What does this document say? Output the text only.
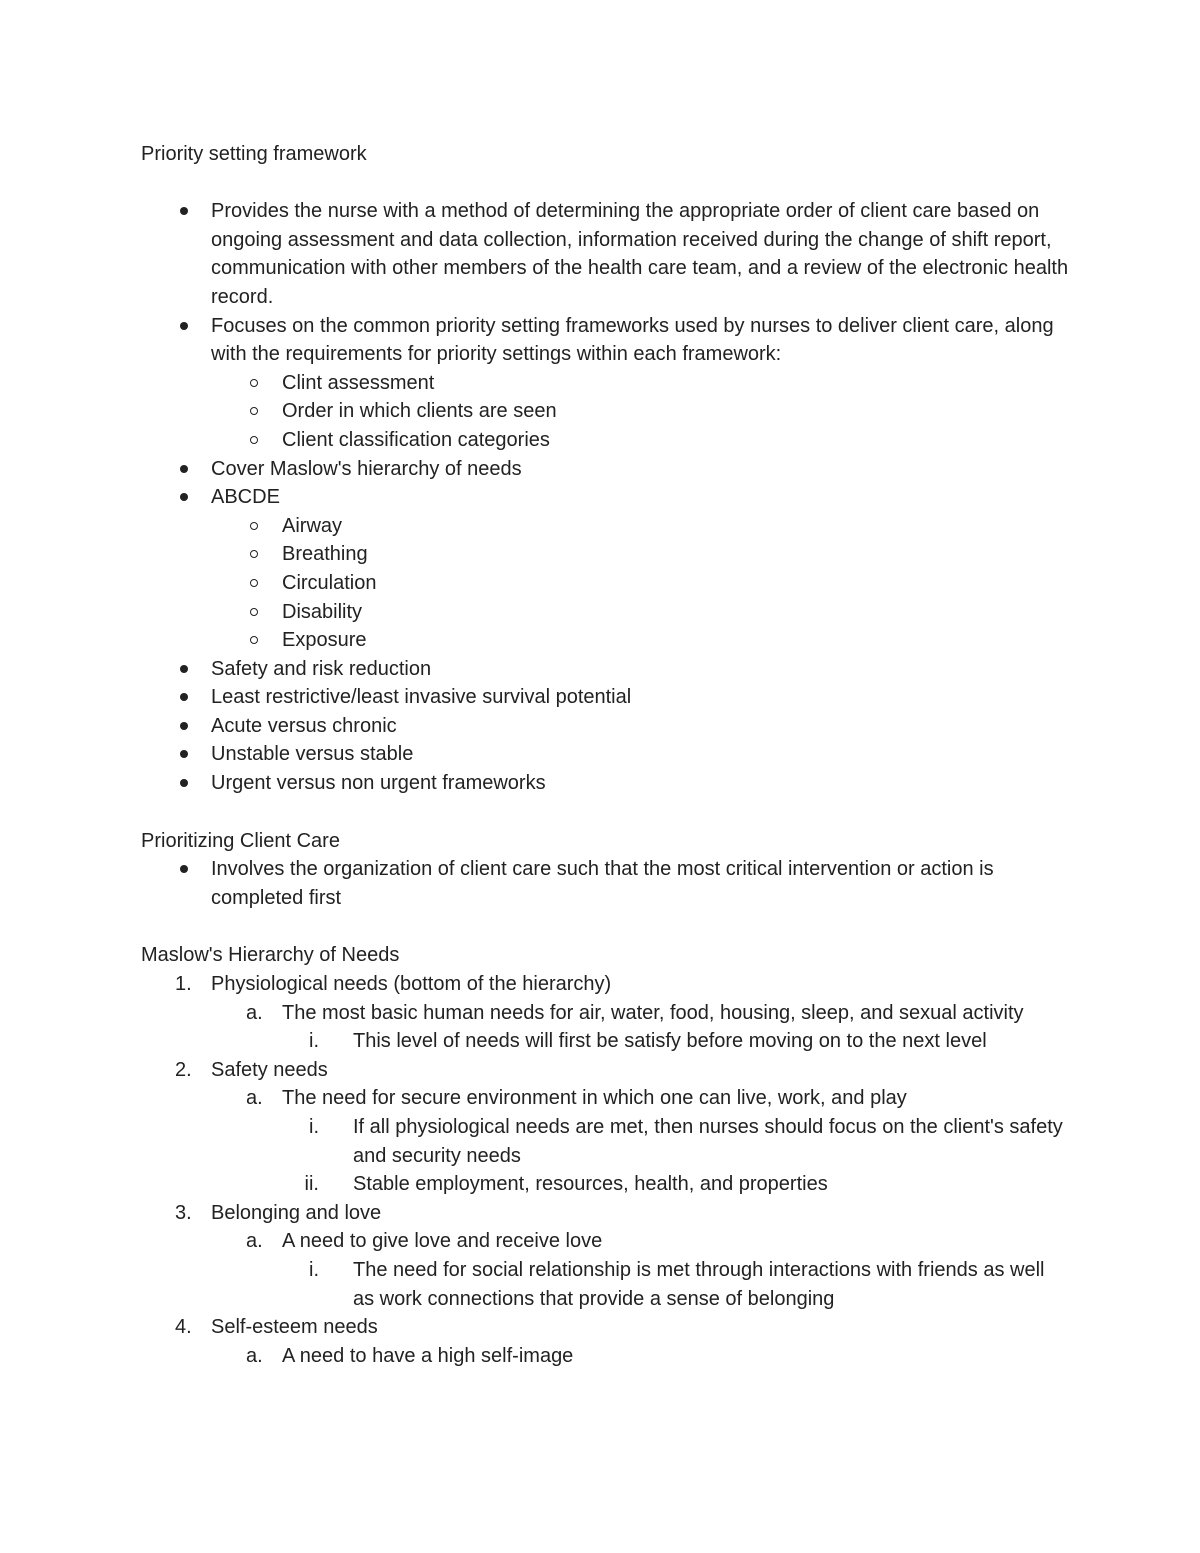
Priority setting framework

Provides the nurse with a method of determining the appropriate order of client care based on ongoing assessment and data collection, information received during the change of shift report, communication with other members of the health care team, and a review of the electronic health record.
Focuses on the common priority setting frameworks used by nurses to deliver client care, along with the requirements for priority settings within each framework:
Clint assessment
Order in which clients are seen
Client classification categories
Cover Maslow's hierarchy of needs
ABCDE
Airway
Breathing
Circulation
Disability
Exposure
Safety and risk reduction
Least restrictive/least invasive survival potential
Acute versus chronic
Unstable versus stable
Urgent versus non urgent frameworks

Prioritizing Client Care

Involves the organization of client care such that the most critical intervention or action is completed first

Maslow's Hierarchy of Needs

1. Physiological needs (bottom of the hierarchy)
a. The most basic human needs for air, water, food, housing, sleep, and sexual activity
i. This level of needs will first be satisfy before moving on to the next level
2. Safety needs
a. The need for secure environment in which one can live, work, and play
i. If all physiological needs are met, then nurses should focus on the client's safety and security needs
ii. Stable employment, resources, health, and properties
3. Belonging and love
a. A need to give love and receive love
i. The need for social relationship is met through interactions with friends as well as work connections that provide a sense of belonging
4. Self-esteem needs
a. A need to have a high self-image
